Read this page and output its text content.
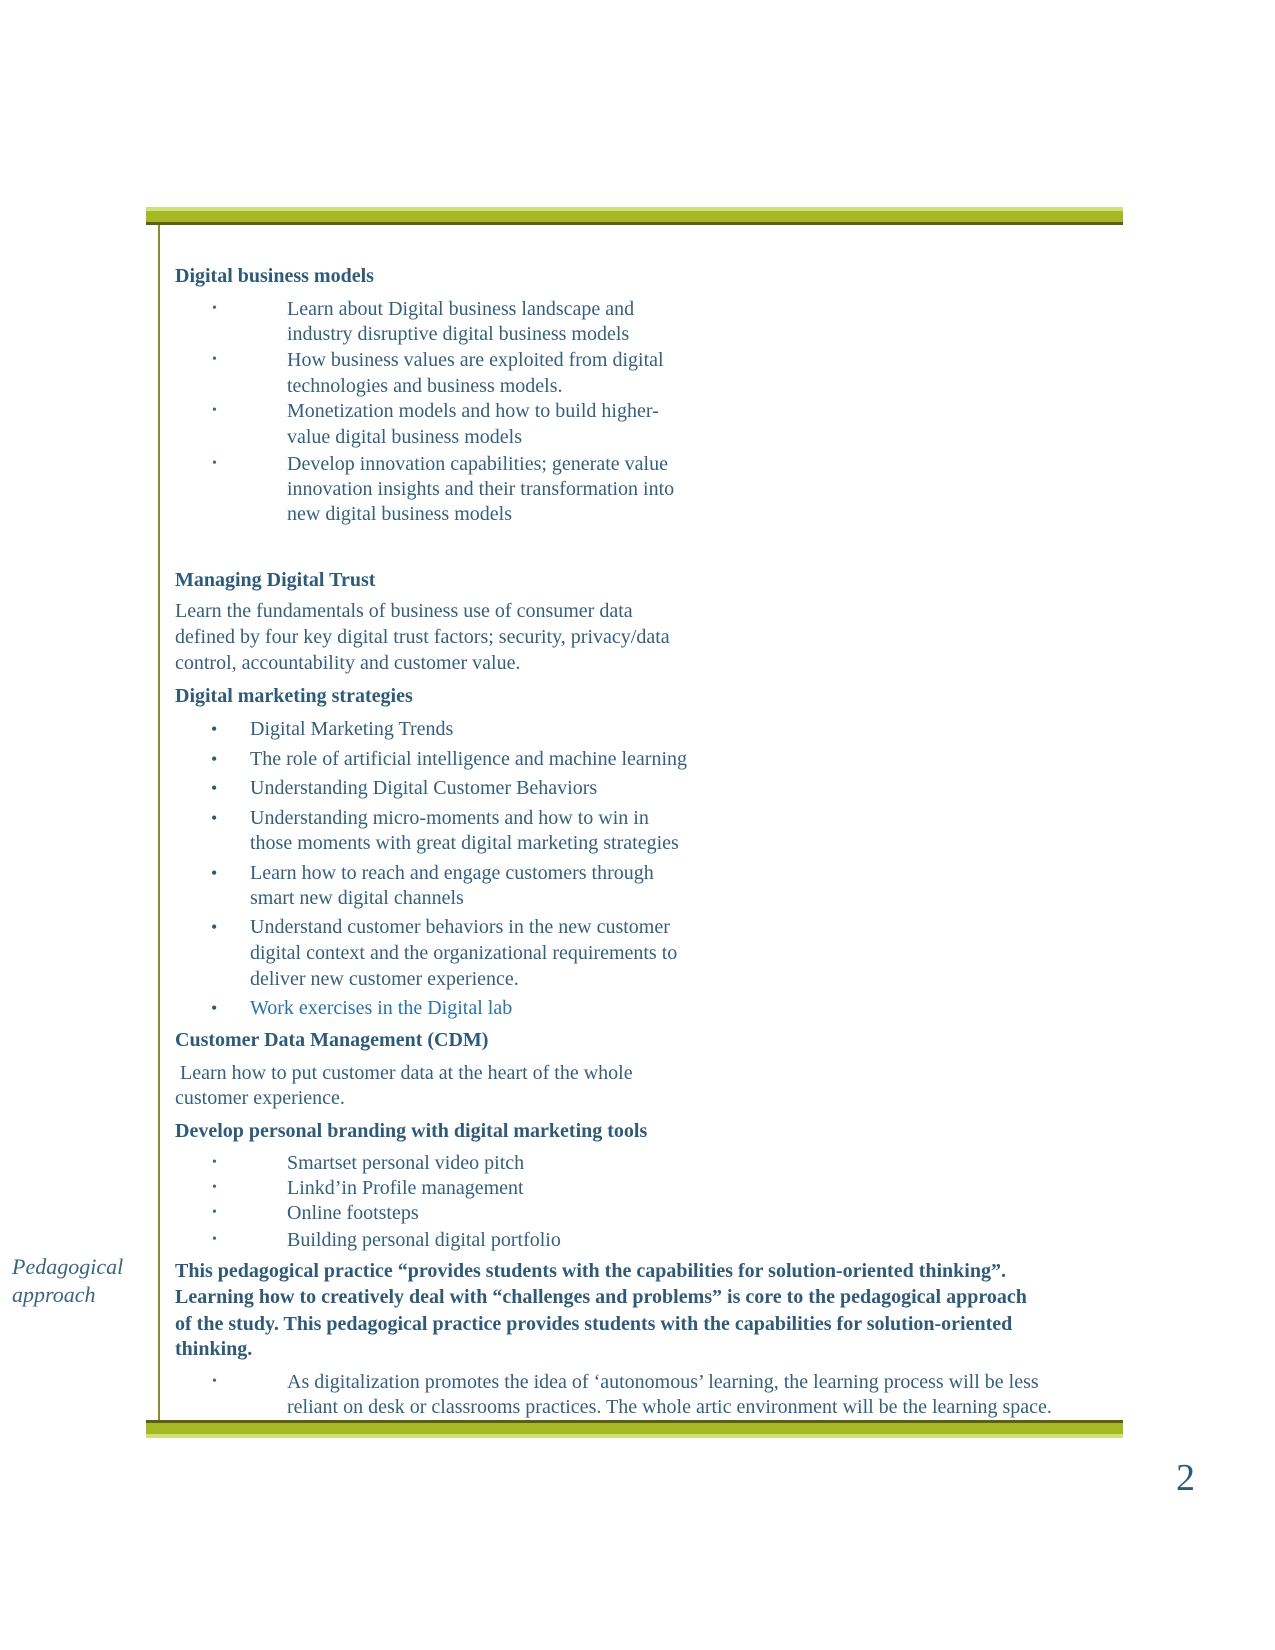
Digital business models
•	Learn about Digital business landscape and
industry disruptive digital business models
•	How business values are exploited from digital
technologies and business models.
•	Monetization models and how to build higher-
value digital business models
•	Develop innovation capabilities; generate value
innovation insights and their transformation into
new digital business models
Managing Digital Trust
Learn the fundamentals of business use of consumer data
defined by four key digital trust factors; security, privacy/data
control, accountability and customer value.
Digital marketing strategies
• Digital Marketing Trends
• The role of artificial intelligence and machine learning
• Understanding Digital Customer Behaviors
• Understanding micro-moments and how to win in
those moments with great digital marketing strategies
• Learn how to reach and engage customers through
smart new digital channels
• Understand customer behaviors in the new customer
digital context and the organizational requirements to
deliver new customer experience.
• Work exercises in the Digital lab
Customer Data Management (CDM)
Learn how to put customer data at the heart of the whole
customer experience.
Develop personal branding with digital marketing tools
•	Smartset personal video pitch
•	Linkd’in Profile management
•	Online footsteps
•	Building personal digital portfolio
Pedagogical
approach
This pedagogical practice “provides students with the capabilities for solution-oriented thinking”.
Learning how to creatively deal with “challenges and problems” is core to the pedagogical approach
of the study. This pedagogical practice provides students with the capabilities for solution-oriented
thinking.
•	As digitalization promotes the idea of ‘autonomous’ learning, the learning process will be less
reliant on desk or classrooms practices. The whole artic environment will be the learning space.
2
